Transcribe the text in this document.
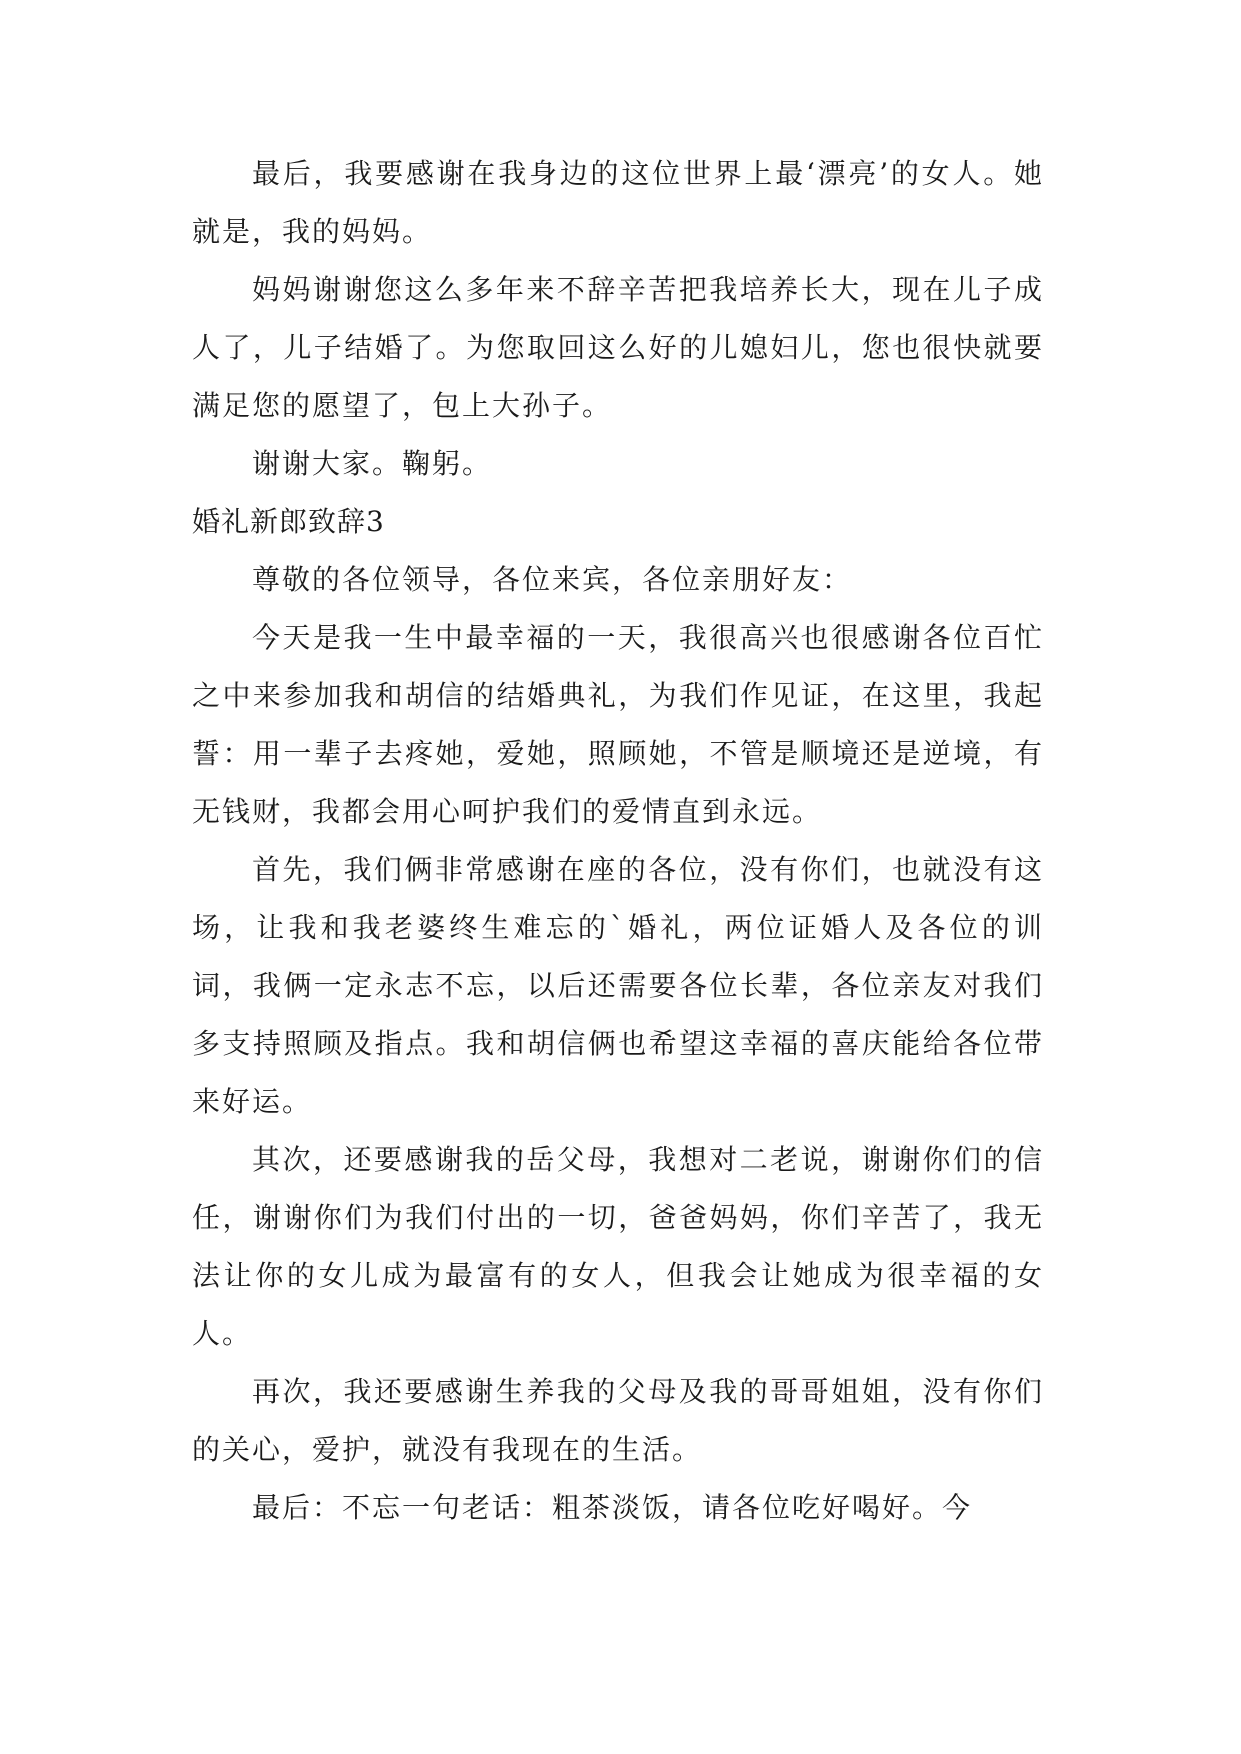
最后，我要感谢在我身边的这位世界上最‘漂亮’的女人。她就是，我的妈妈。

妈妈谢谢您这么多年来不辞辛苦把我培养长大，现在儿子成人了，儿子结婚了。为您取回这么好的儿媳妇儿，您也很快就要满足您的愿望了，包上大孙子。

谢谢大家。鞠躬。

婚礼新郎致辞3

尊敬的各位领导，各位来宾，各位亲朋好友：

今天是我一生中最幸福的一天，我很高兴也很感谢各位百忙之中来参加我和胡信的结婚典礼，为我们作见证，在这里，我起誓：用一辈子去疼她，爱她，照顾她，不管是顺境还是逆境，有无钱财，我都会用心呵护我们的爱情直到永远。

首先，我们俩非常感谢在座的各位，没有你们，也就没有这场，让我和我老婆终生难忘的`婚礼，两位证婚人及各位的训词，我俩一定永志不忘，以后还需要各位长辈，各位亲友对我们多支持照顾及指点。我和胡信俩也希望这幸福的喜庆能给各位带来好运。

其次，还要感谢我的岳父母，我想对二老说，谢谢你们的信任，谢谢你们为我们付出的一切，爸爸妈妈，你们辛苦了，我无法让你的女儿成为最富有的女人，但我会让她成为很幸福的女人。

再次，我还要感谢生养我的父母及我的哥哥姐姐，没有你们的关心，爱护，就没有我现在的生活。

最后：不忘一句老话：粗茶淡饭，请各位吃好喝好。今
